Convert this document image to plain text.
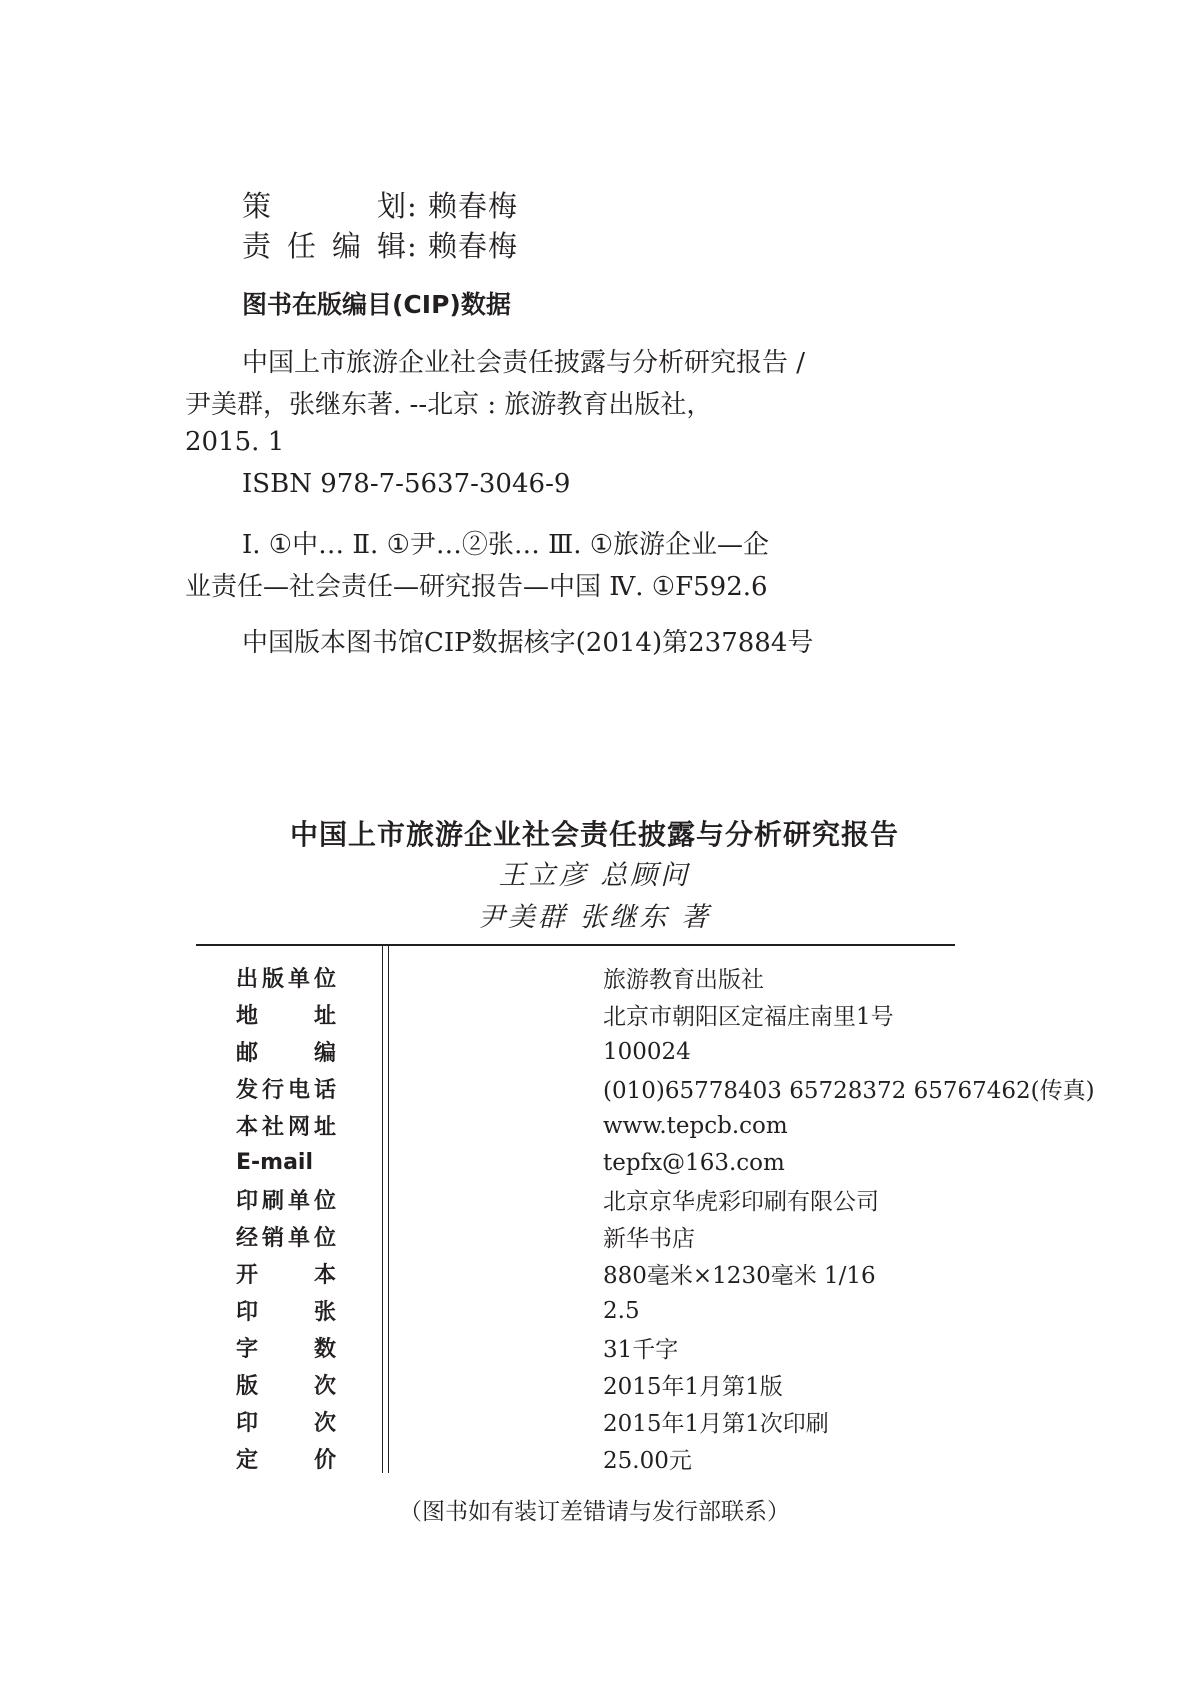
策划: 赖春梅
责任编辑: 赖春梅
图书在版编目(CIP)数据
中国上市旅游企业社会责任披露与分析研究报告 /
尹美群，张继东著. --北京 : 旅游教育出版社，
2015. 1
ISBN 978-7-5637-3046-9
Ⅰ. ①中… Ⅱ. ①尹…②张… Ⅲ. ①旅游企业—企
业责任—社会责任—研究报告—中国 Ⅳ. ①F592.6
中国版本图书馆CIP数据核字(2014)第237884号
中国上市旅游企业社会责任披露与分析研究报告
王立彦 总顾问
尹美群 张继东 著
出版单位	旅游教育出版社
地址	北京市朝阳区定福庄南里1号
邮编	100024
发行电话	(010)65778403 65728372 65767462(传真)
本社网址	www.tepcb.com
E-mail	tepfx@163.com
印刷单位	北京京华虎彩印刷有限公司
经销单位	新华书店
开本	880毫米×1230毫米 1/16
印张	2.5
字数	31千字
版次	2015年1月第1版
印次	2015年1月第1次印刷
定价	25.00元
（图书如有装订差错请与发行部联系）
